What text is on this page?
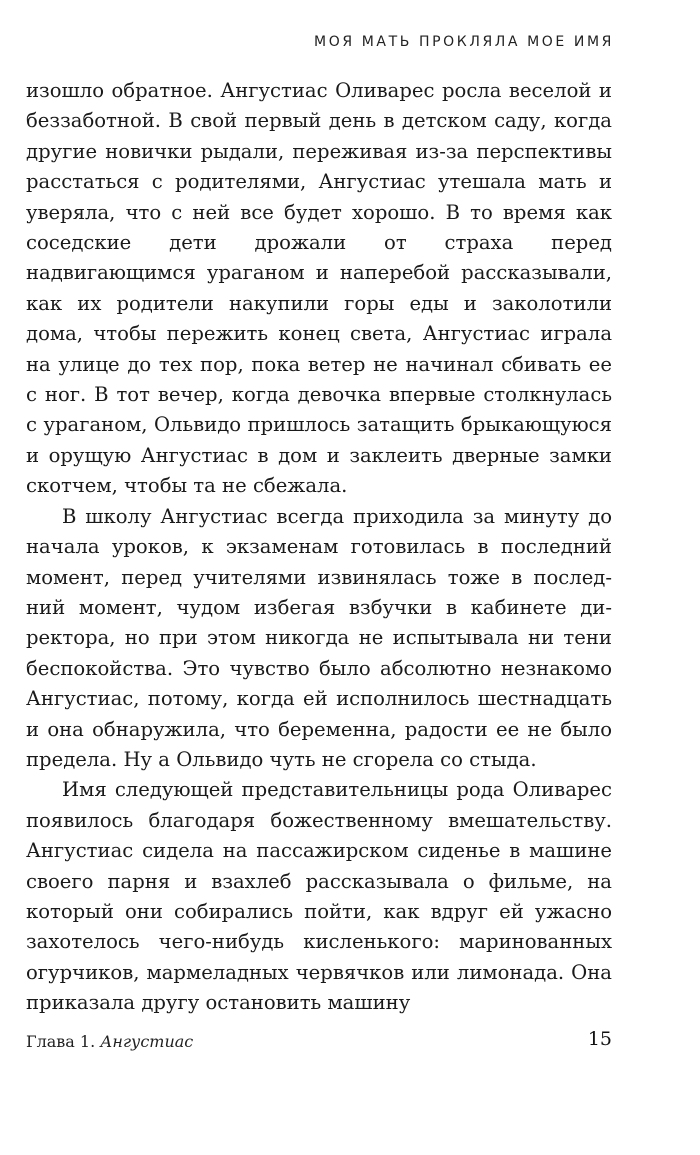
МОЯ МАТЬ ПРОКЛЯЛА МОЕ ИМЯ

изошло обратное. Ангустиас Оливарес росла веселой и беззаботной. В свой первый день в детском саду, когда другие новички рыдали, переживая из-за перспективы расстаться с родителями, Ангустиас утешала мать и уверяла, что с ней все будет хорошо. В то время как соседские дети дрожали от страха перед надвигающимся ураганом и наперебой рассказывали, как их родители накупили горы еды и заколотили дома, чтобы пережить конец света, Ангустиас играла на улице до тех пор, пока ветер не начинал сбивать ее с ног. В тот вечер, когда девочка впервые столкнулась с ураганом, Ольвидо пришлось затащить брыкающуюся и орущую Ангустиас в дом и заклеить дверные замки скотчем, чтобы та не сбежала.

В школу Ангустиас всегда приходила за минуту до начала уроков, к экзаменам готовилась в последний момент, перед учителями извинялась тоже в последний момент, чудом избегая взбучки в кабинете директора, но при этом никогда не испытывала ни тени беспокойства. Это чувство было абсолютно незнакомо Ангустиас, потому, когда ей исполнилось шестнадцать и она обнаружила, что беременна, радости ее не было предела. Ну а Ольвидо чуть не сгорела со стыда.

Имя следующей представительницы рода Оливарес появилось благодаря божественному вмешательству. Ангустиас сидела на пассажирском сиденье в машине своего парня и взахлеб рассказывала о фильме, на который они собирались пойти, как вдруг ей ужасно захотелось чего-нибудь кисленького: маринованных огурчиков, мармеладных червячков или лимонада. Она приказала другу остановить машину

Глава 1. Ангустиас	15
